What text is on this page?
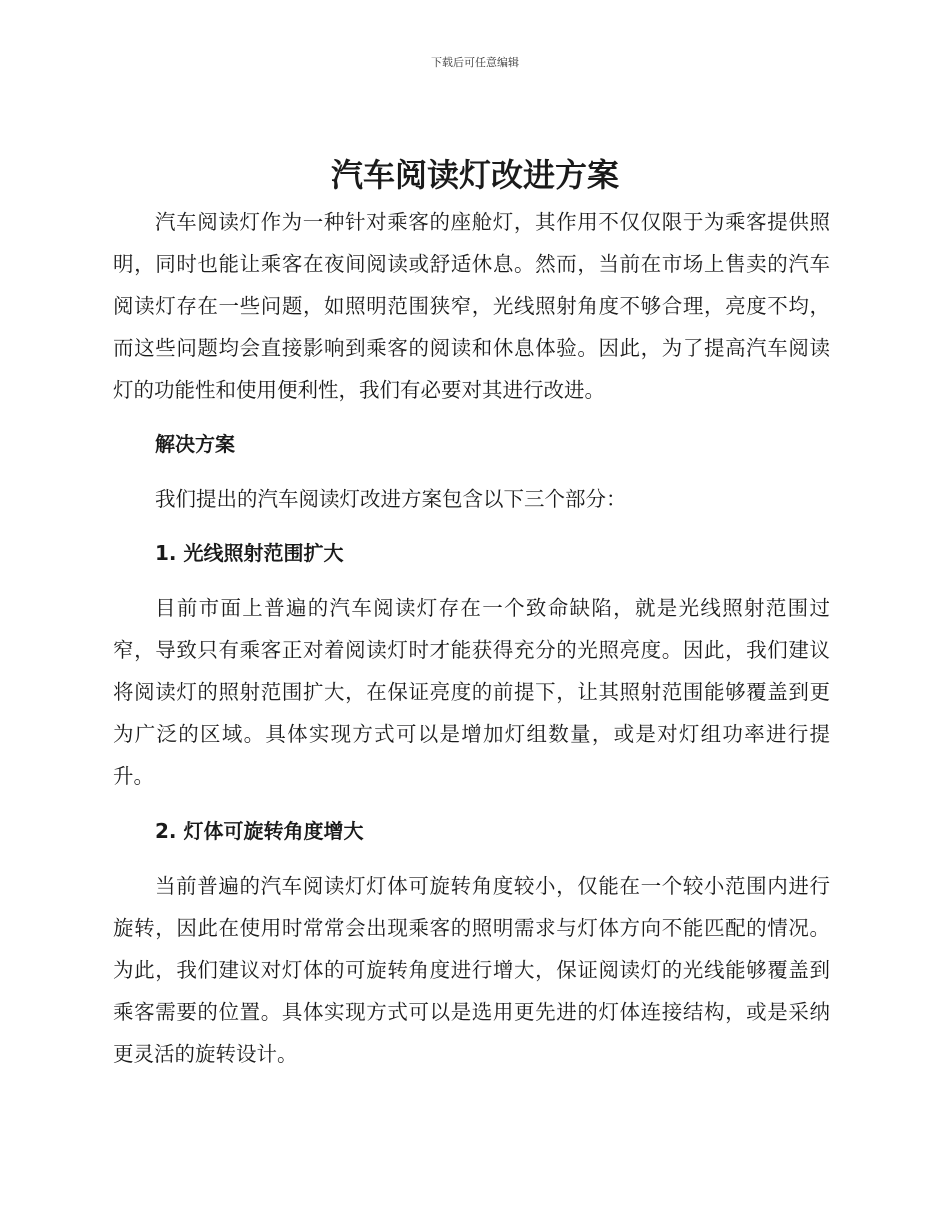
下载后可任意编辑
汽车阅读灯改进方案

汽车阅读灯作为一种针对乘客的座舱灯，其作用不仅仅限于为乘客提供照明，同时也能让乘客在夜间阅读或舒适休息。然而，当前在市场上售卖的汽车阅读灯存在一些问题，如照明范围狭窄，光线照射角度不够合理，亮度不均，而这些问题均会直接影响到乘客的阅读和休息体验。因此，为了提高汽车阅读灯的功能性和使用便利性，我们有必要对其进行改进。

解决方案

我们提出的汽车阅读灯改进方案包含以下三个部分：

1. 光线照射范围扩大

目前市面上普遍的汽车阅读灯存在一个致命缺陷，就是光线照射范围过窄，导致只有乘客正对着阅读灯时才能获得充分的光照亮度。因此，我们建议将阅读灯的照射范围扩大，在保证亮度的前提下，让其照射范围能够覆盖到更为广泛的区域。具体实现方式可以是增加灯组数量，或是对灯组功率进行提升。

2. 灯体可旋转角度增大

当前普遍的汽车阅读灯灯体可旋转角度较小，仅能在一个较小范围内进行旋转，因此在使用时常常会出现乘客的照明需求与灯体方向不能匹配的情况。为此，我们建议对灯体的可旋转角度进行增大，保证阅读灯的光线能够覆盖到乘客需要的位置。具体实现方式可以是选用更先进的灯体连接结构，或是采纳更灵活的旋转设计。
